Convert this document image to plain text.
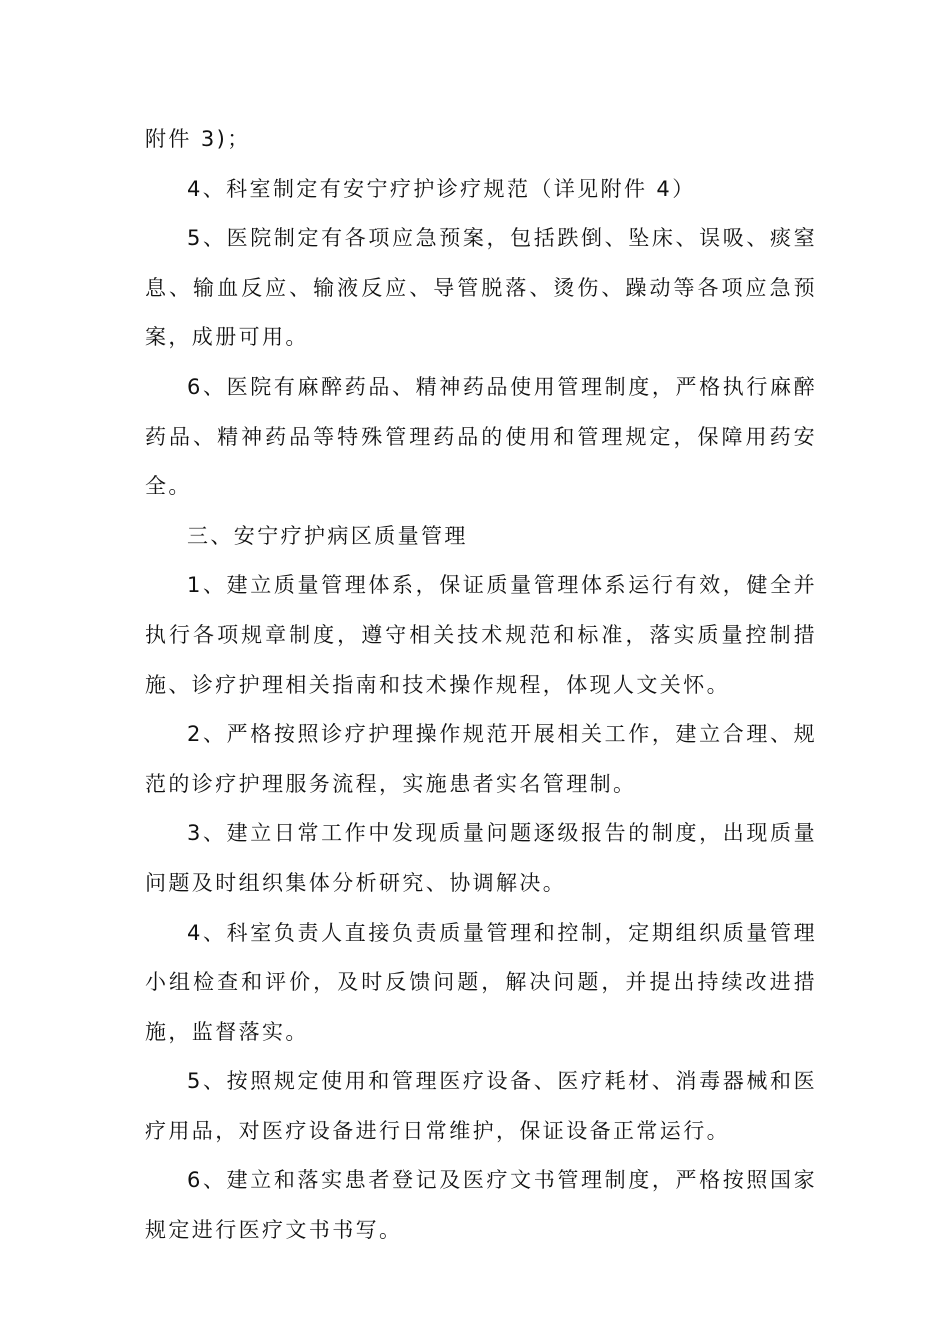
附件 3)；

4、科室制定有安宁疗护诊疗规范（详见附件 4）

5、医院制定有各项应急预案，包括跌倒、坠床、误吸、痰窒息、输血反应、输液反应、导管脱落、烫伤、躁动等各项应急预案，成册可用。

6、医院有麻醉药品、精神药品使用管理制度，严格执行麻醉药品、精神药品等特殊管理药品的使用和管理规定，保障用药安全。

三、安宁疗护病区质量管理

1、建立质量管理体系，保证质量管理体系运行有效，健全并执行各项规章制度，遵守相关技术规范和标准，落实质量控制措施、诊疗护理相关指南和技术操作规程，体现人文关怀。

2、严格按照诊疗护理操作规范开展相关工作，建立合理、规范的诊疗护理服务流程，实施患者实名管理制。

3、建立日常工作中发现质量问题逐级报告的制度，出现质量问题及时组织集体分析研究、协调解决。

4、科室负责人直接负责质量管理和控制，定期组织质量管理小组检查和评价，及时反馈问题，解决问题，并提出持续改进措施，监督落实。

5、按照规定使用和管理医疗设备、医疗耗材、消毒器械和医疗用品，对医疗设备进行日常维护，保证设备正常运行。

6、建立和落实患者登记及医疗文书管理制度，严格按照国家规定进行医疗文书书写。
